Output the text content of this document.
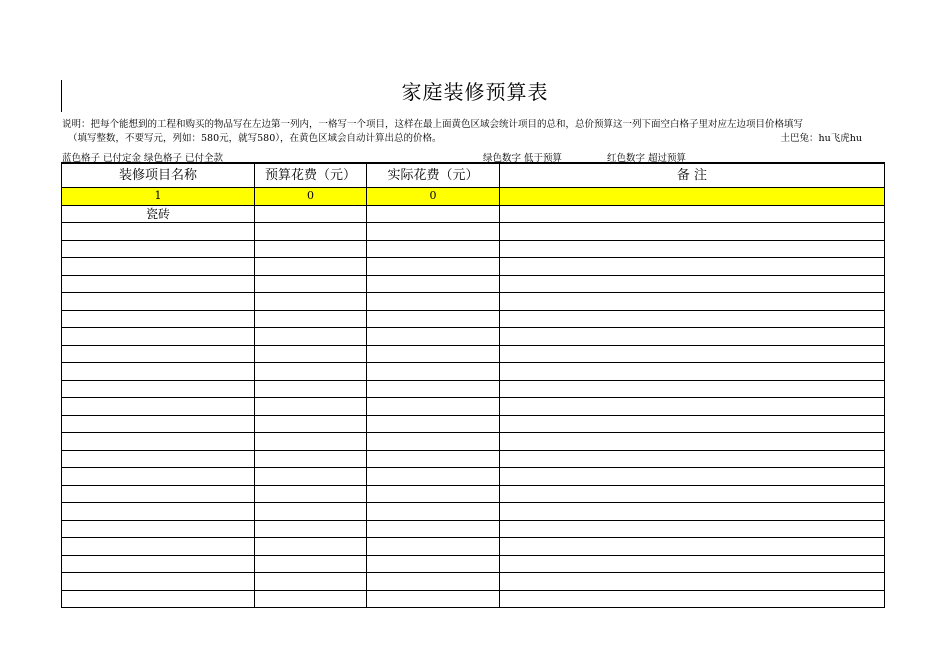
家庭装修预算表
说明：把每个能想到的工程和购买的物品写在左边第一列内，一格写一个项目，这样在最上面黄色区域会统计项目的总和，总价预算这一列下面空白格子里对应左边项目价格填写
（填写整数，不要写元，列如：580元，就写580），在黄色区域会自动计算出总的价格。	土巴兔：hu飞虎hu
蓝色格子 已付定金 绿色格子 已付全款	绿色数字 低于预算	红色数字 超过预算
装修项目名称	预算花费（元）	实际花费（元）	备 注
1	0	0	
瓷砖			
